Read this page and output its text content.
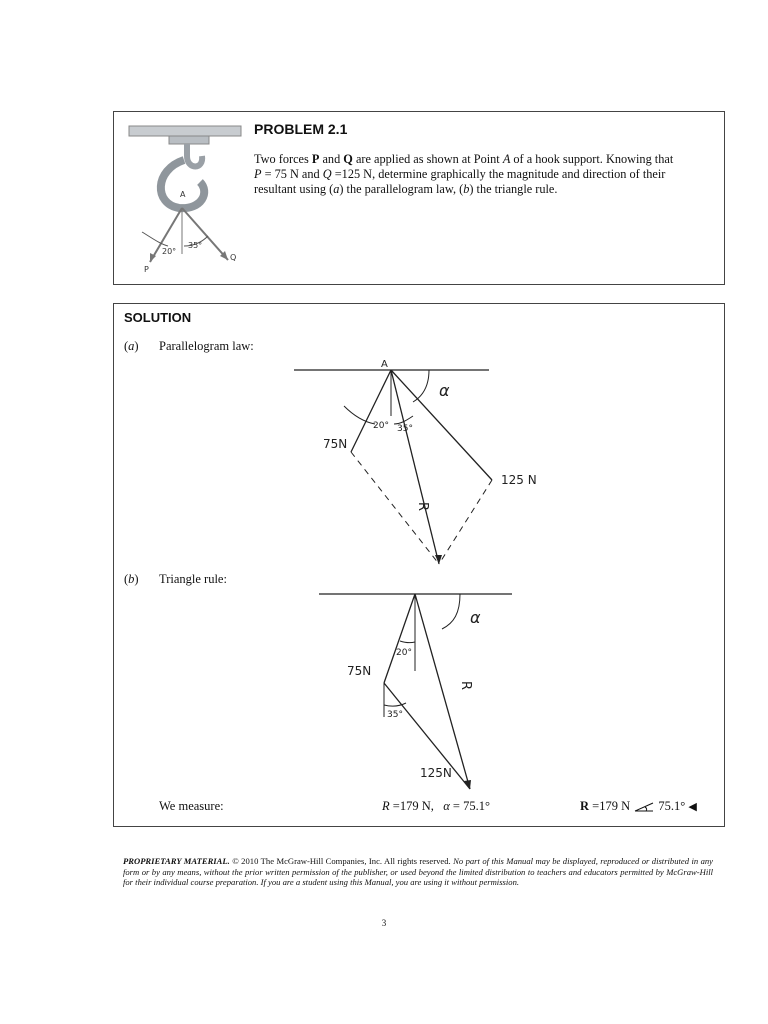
A
20°
35°
P
Q
PROBLEM 2.1
Two forces P and Q are applied as shown at Point A of a hook support. Knowing that
P = 75 N and Q =125 N, determine graphically the magnitude and direction of their
resultant using (a) the parallelogram law, (b) the triangle rule.
SOLUTION
(a) Parallelogram law:
A
α
20° 35°
75N
125 N
R
(b) Triangle rule:
α
20°
75N
35°
R
125N
We measure:	R =179 N, α = 75.1°	R =179 N 75.1° ◀
PROPRIETARY MATERIAL. © 2010 The McGraw-Hill Companies, Inc. All rights reserved. No part of this Manual may be displayed, reproduced or distributed in any form or by any means, without the prior written permission of the publisher, or used beyond the limited distribution to teachers and educators permitted by McGraw-Hill for their individual course preparation. If you are a student using this Manual, you are using it without permission.
3
